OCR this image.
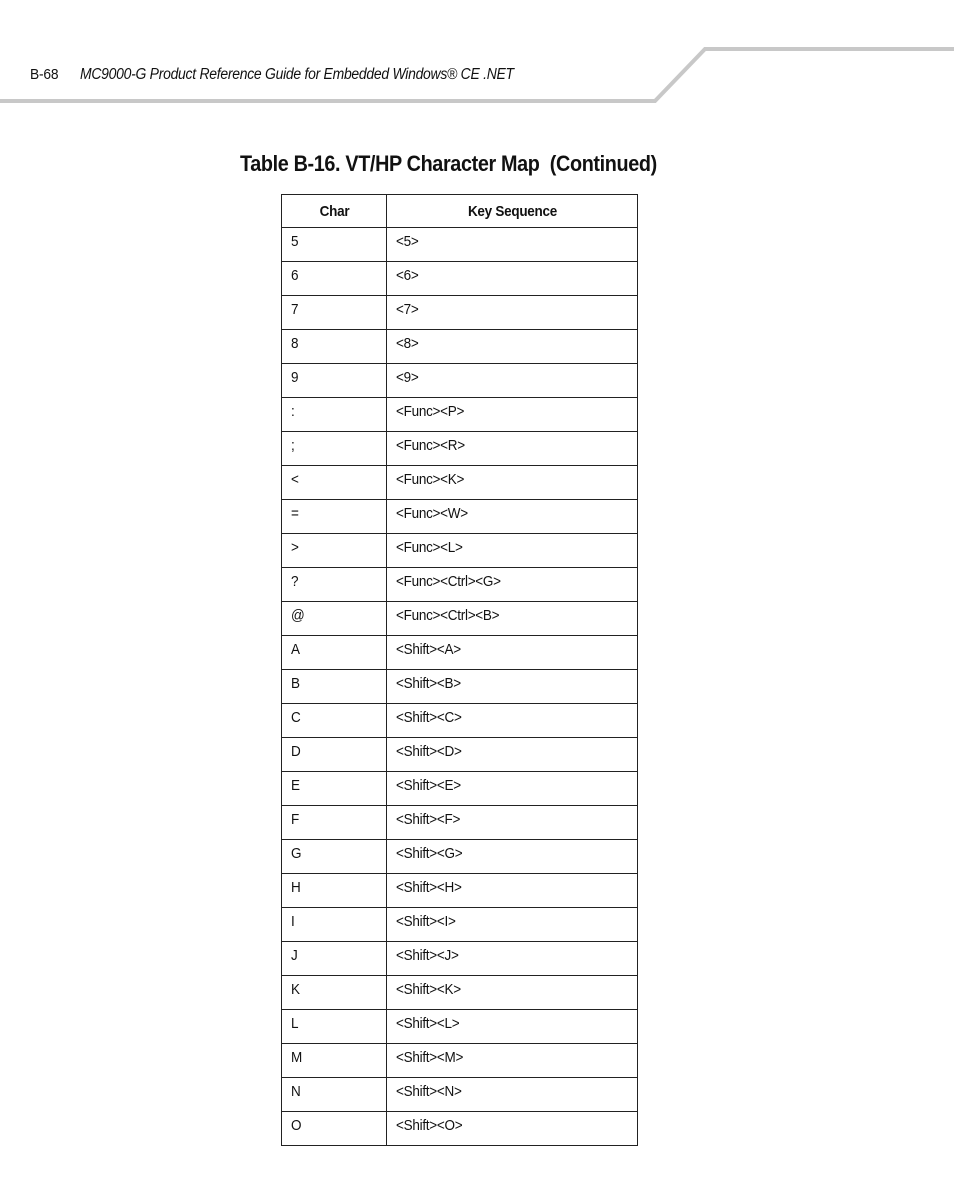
B-68 MC9000-G Product Reference Guide for Embedded Windows® CE .NET
Table B-16. VT/HP Character Map  (Continued)
Char	Key Sequence
5	<5>
6	<6>
7	<7>
8	<8>
9	<9>
:	<Func><P>
;	<Func><R>
<	<Func><K>
=	<Func><W>
>	<Func><L>
?	<Func><Ctrl><G>
@	<Func><Ctrl><B>
A	<Shift><A>
B	<Shift><B>
C	<Shift><C>
D	<Shift><D>
E	<Shift><E>
F	<Shift><F>
G	<Shift><G>
H	<Shift><H>
I	<Shift><I>
J	<Shift><J>
K	<Shift><K>
L	<Shift><L>
M	<Shift><M>
N	<Shift><N>
O	<Shift><O>
